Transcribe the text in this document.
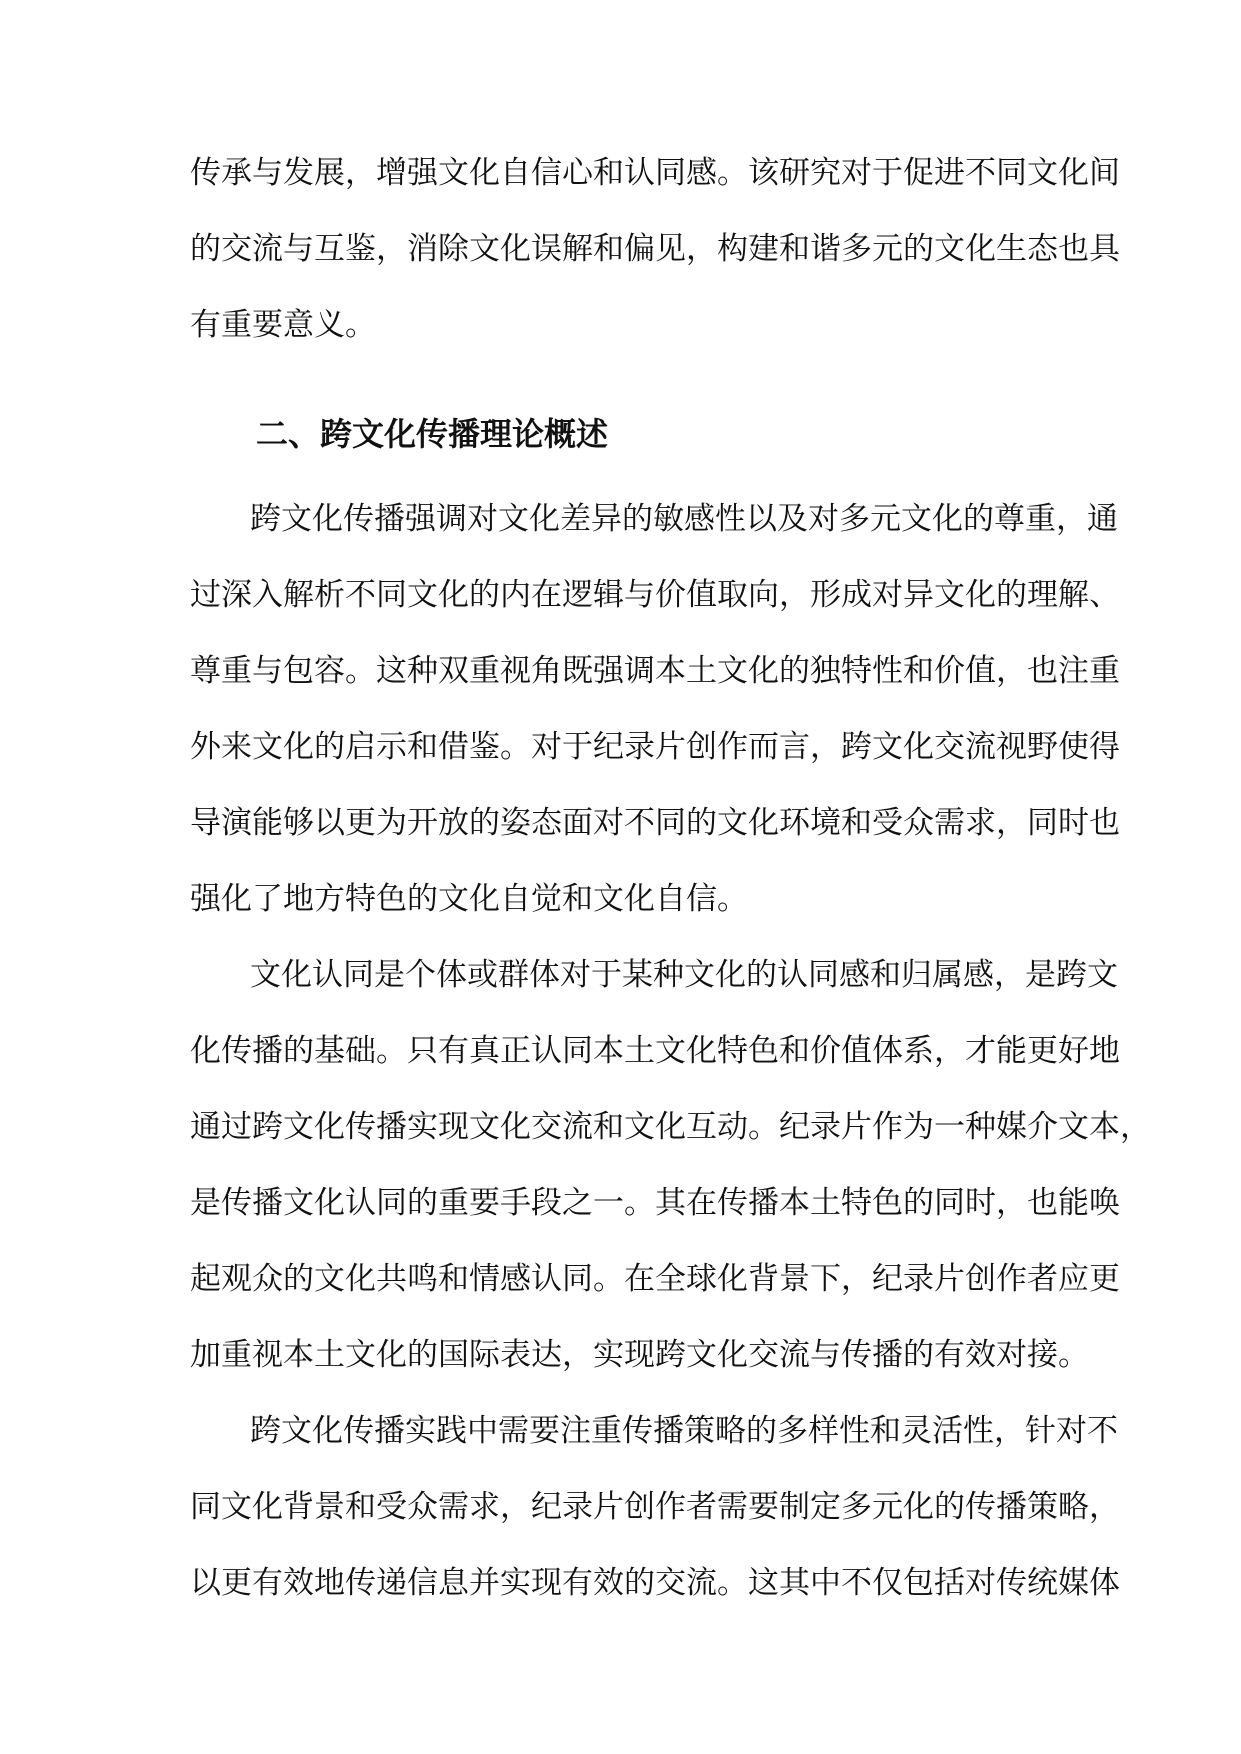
传承与发展，增强文化自信心和认同感。该研究对于促进不同文化间
的交流与互鉴，消除文化误解和偏见，构建和谐多元的文化生态也具
有重要意义。
二、跨文化传播理论概述
跨文化传播强调对文化差异的敏感性以及对多元文化的尊重，通
过深入解析不同文化的内在逻辑与价值取向，形成对异文化的理解、
尊重与包容。这种双重视角既强调本土文化的独特性和价值，也注重
外来文化的启示和借鉴。对于纪录片创作而言，跨文化交流视野使得
导演能够以更为开放的姿态面对不同的文化环境和受众需求，同时也
强化了地方特色的文化自觉和文化自信。
文化认同是个体或群体对于某种文化的认同感和归属感，是跨文
化传播的基础。只有真正认同本土文化特色和价值体系，才能更好地
通过跨文化传播实现文化交流和文化互动。纪录片作为一种媒介文本，
是传播文化认同的重要手段之一。其在传播本土特色的同时，也能唤
起观众的文化共鸣和情感认同。在全球化背景下，纪录片创作者应更
加重视本土文化的国际表达，实现跨文化交流与传播的有效对接。
跨文化传播实践中需要注重传播策略的多样性和灵活性，针对不
同文化背景和受众需求，纪录片创作者需要制定多元化的传播策略，
以更有效地传递信息并实现有效的交流。这其中不仅包括对传统媒体
